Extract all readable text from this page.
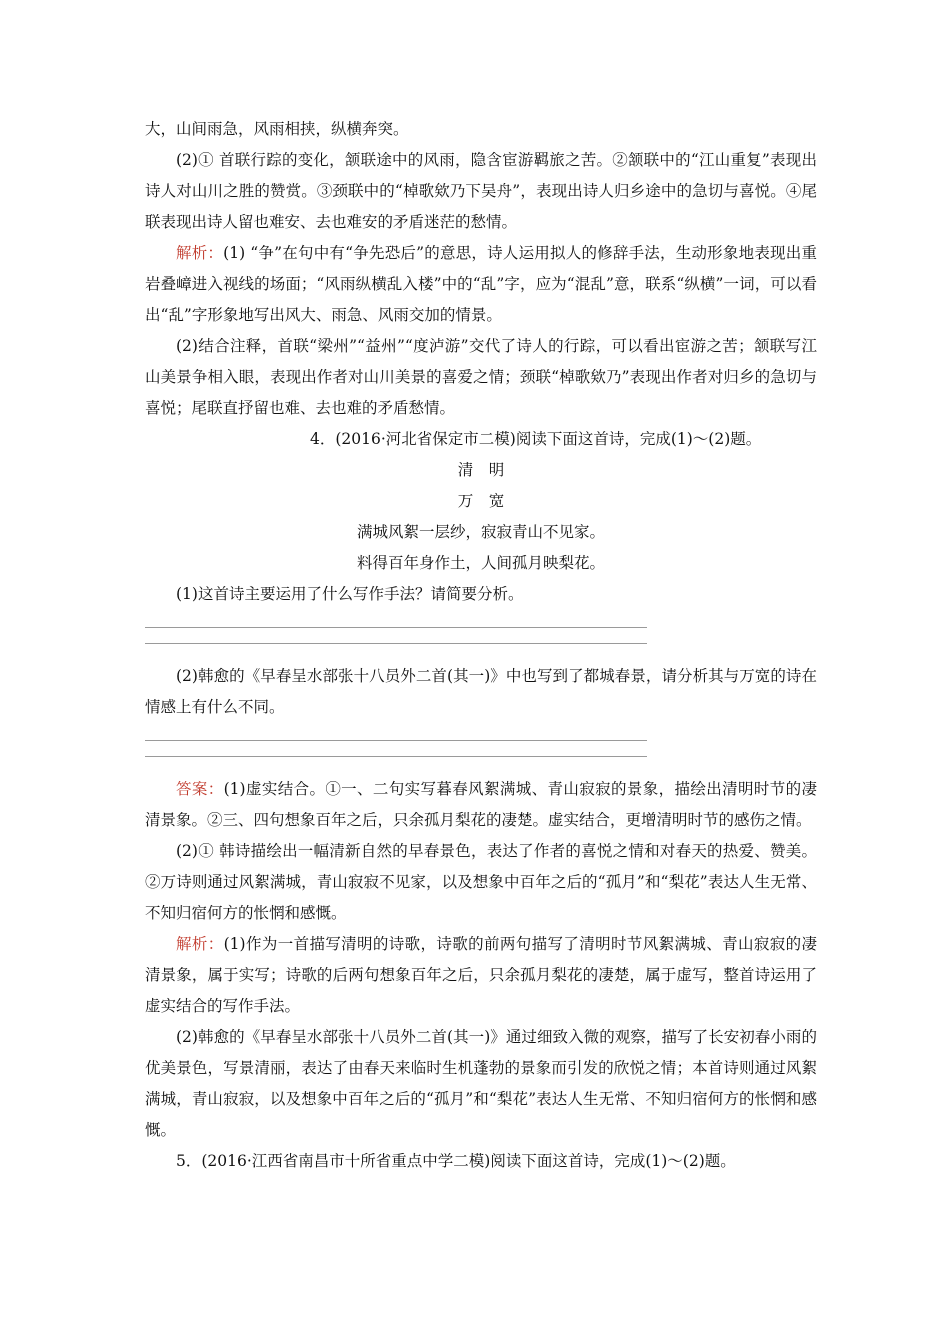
大，山间雨急，风雨相挟，纵横奔突。

(2)① 首联行踪的变化，颔联途中的风雨，隐含宦游羁旅之苦。②颔联中的“江山重复”表现出诗人对山川之胜的赞赏。③颈联中的“棹歌欸乃下吴舟”，表现出诗人归乡途中的急切与喜悦。④尾联表现出诗人留也难安、去也难安的矛盾迷茫的愁情。

解析：(1) “争”在句中有“争先恐后”的意思，诗人运用拟人的修辞手法，生动形象地表现出重岩叠嶂进入视线的场面；“风雨纵横乱入楼”中的“乱”字，应为“混乱”意，联系“纵横”一词，可以看出“乱”字形象地写出风大、雨急、风雨交加的情景。

(2)结合注释，首联“梁州”“益州”“度泸游”交代了诗人的行踪，可以看出宦游之苦；颔联写江山美景争相入眼，表现出作者对山川美景的喜爱之情；颈联“棹歌欸乃”表现出作者对归乡的急切与喜悦；尾联直抒留也难、去也难的矛盾愁情。

4．(2016·河北省保定市二模)阅读下面这首诗，完成(1)～(2)题。

清　明

万　宽

满城风絮一层纱，寂寂青山不见家。

料得百年身作土，人间孤月映梨花。

(1)这首诗主要运用了什么写作手法？请简要分析。

(2)韩愈的《早春呈水部张十八员外二首(其一)》中也写到了都城春景，请分析其与万宽的诗在情感上有什么不同。

答案：(1)虚实结合。①一、二句实写暮春风絮满城、青山寂寂的景象，描绘出清明时节的凄清景象。②三、四句想象百年之后，只余孤月梨花的凄楚。虚实结合，更增清明时节的感伤之情。

(2)① 韩诗描绘出一幅清新自然的早春景色，表达了作者的喜悦之情和对春天的热爱、赞美。②万诗则通过风絮满城，青山寂寂不见家，以及想象中百年之后的“孤月”和“梨花”表达人生无常、不知归宿何方的怅惘和感慨。

解析：(1)作为一首描写清明的诗歌，诗歌的前两句描写了清明时节风絮满城、青山寂寂的凄清景象，属于实写；诗歌的后两句想象百年之后，只余孤月梨花的凄楚，属于虚写，整首诗运用了虚实结合的写作手法。

(2)韩愈的《早春呈水部张十八员外二首(其一)》通过细致入微的观察，描写了长安初春小雨的优美景色，写景清丽，表达了由春天来临时生机蓬勃的景象而引发的欣悦之情；本首诗则通过风絮满城，青山寂寂，以及想象中百年之后的“孤月”和“梨花”表达人生无常、不知归宿何方的怅惘和感慨。

5．(2016·江西省南昌市十所省重点中学二模)阅读下面这首诗，完成(1)～(2)题。
